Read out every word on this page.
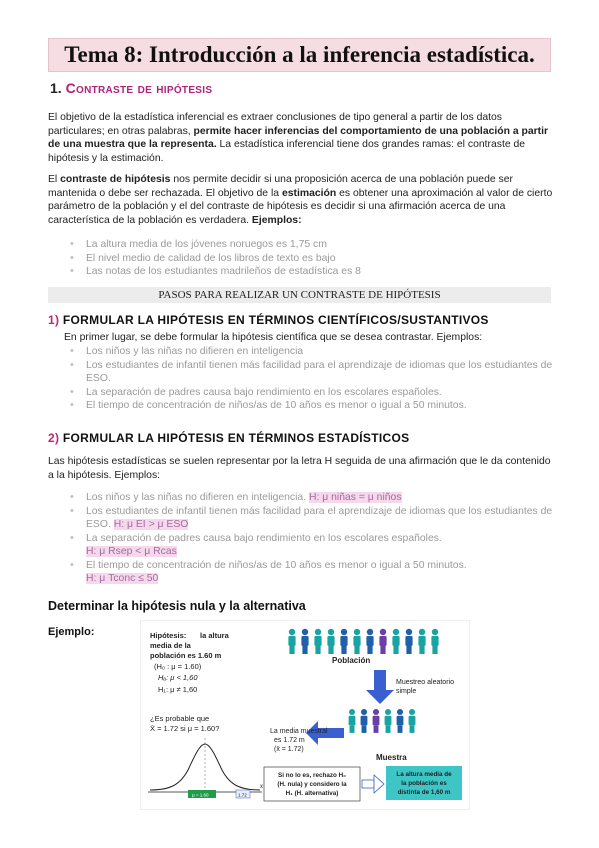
Tema 8: Introducción a la inferencia estadística.
1. Contraste de hipótesis
El objetivo de la estadística inferencial es extraer conclusiones de tipo general a partir de los datos particulares; en otras palabras, permite hacer inferencias del comportamiento de una población a partir de una muestra que la representa. La estadística inferencial tiene dos grandes ramas: el contraste de hipótesis y la estimación.
El contraste de hipótesis nos permite decidir si una proposición acerca de una población puede ser mantenida o debe ser rechazada. El objetivo de la estimación es obtener una aproximación al valor de cierto parámetro de la población y el del contraste de hipótesis es decidir si una afirmación acerca de una característica de la población es verdadera. Ejemplos:
• La altura media de los jóvenes noruegos es 1,75 cm
• El nivel medio de calidad de los libros de texto es bajo
• Las notas de los estudiantes madrileños de estadística es 8
PASOS PARA REALIZAR UN CONTRASTE DE HIPÓTESIS
1) FORMULAR LA HIPÓTESIS EN TÉRMINOS CIENTÍFICOS/SUSTANTIVOS
En primer lugar, se debe formular la hipótesis científica que se desea contrastar. Ejemplos:
• Los niños y las niñas no difieren en inteligencia
• Los estudiantes de infantil tienen más facilidad para el aprendizaje de idiomas que los estudiantes de ESO.
• La separación de padres causa bajo rendimiento en los escolares españoles.
• El tiempo de concentración de niños/as de 10 años es menor o igual a 50 minutos.
2) FORMULAR LA HIPÓTESIS EN TÉRMINOS ESTADÍSTICOS
Las hipótesis estadísticas se suelen representar por la letra H seguida de una afirmación que le da contenido a la hipótesis. Ejemplos:
• Los niños y las niñas no difieren en inteligencia. H: μ niñas = μ niños
• Los estudiantes de infantil tienen más facilidad para el aprendizaje de idiomas que los estudiantes de ESO. H: μ EI > μ ESO
• La separación de padres causa bajo rendimiento en los escolares españoles.
H: μ Rsep < μ Rcas
• El tiempo de concentración de niños/as de 10 años es menor o igual a 50 minutos.
H: μ Tconc ≤ 50
Determinar la hipótesis nula y la alternativa
Ejemplo:	Hipótesis: la altura
media de la
población es 1.60 m
(H₀ : μ = 1.60)
Hₐ: μ < 1,60
H₁: μ ≠ 1,60
Población
Muestreo aleatorio
simple
La media muestral
es 1.72 m
(x̄ = 1.72)
Muestra
¿Es probable que
X̄ = 1.72 si μ = 1.60?
μ = 1.60	1.72
x
Si no lo es, rechazo H₀
(H. nula) y considero la
H₁ (H. alternativa)
La altura media de
la población es
distinta de 1,60 m
